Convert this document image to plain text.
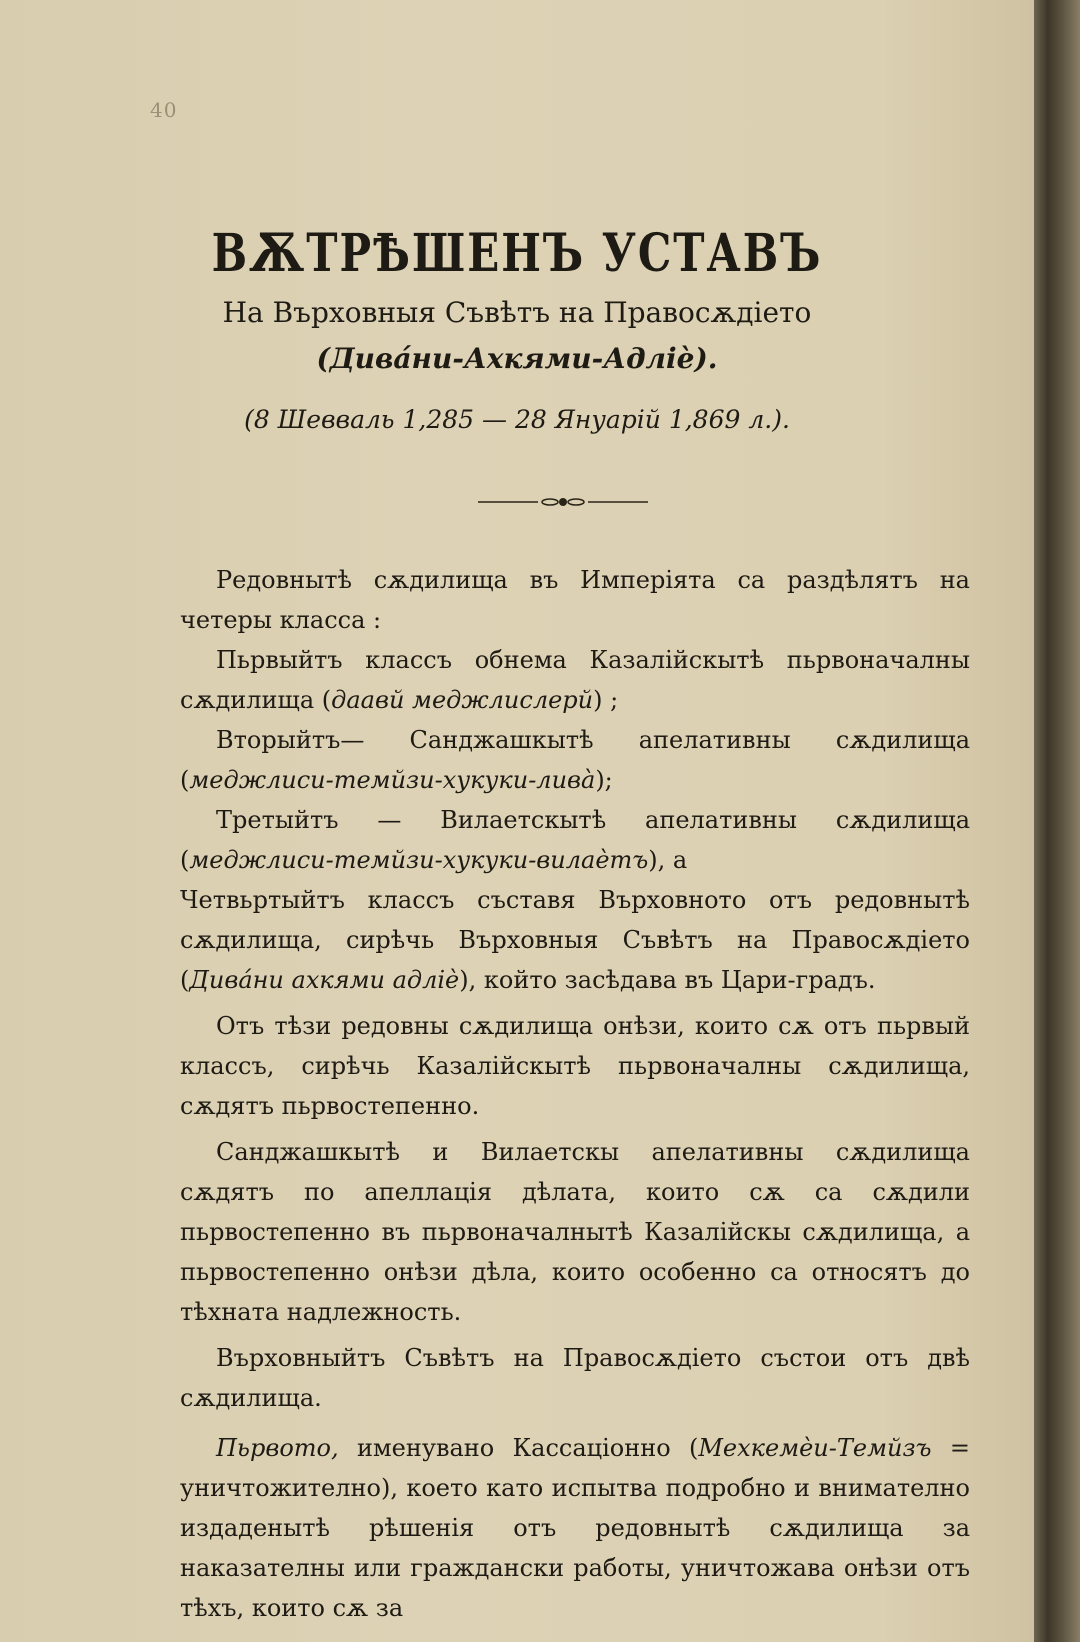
40
ВѪТРѢШЕНЪ УСТАВЪ
На Върховныя Съвѣтъ на Правосѫдіето
(Дива́ни-Ахкями-Адліѐ).
(8 Шевваль 1,285 — 28 Януарій 1,869 л.).

Редовнытѣ сѫдилища въ Имперіята са раздѣлятъ на четеры класса :

Пьрвыйтъ классъ обнема Казалійскытѣ пьрвоначалны сѫдилища (даавй меджлислерй) ;

Вторыйтъ— Санджашкытѣ апелативны сѫдилища (меджлиси-темйзи-хукуки-лива̀);

Третыйтъ — Вилаетскытѣ апелативны сѫдилища (меджлиси-темйзи-хукуки-вилаѐтъ), а

Четвьртыйтъ классъ съставя Върховното отъ редовнытѣ сѫдилища, сирѣчь Върховныя Съвѣтъ на Правосѫдіето (Дива́ни ахкями адліѐ), който засѣдава въ Цари-градъ.

Отъ тѣзи редовны сѫдилища онѣзи, които сѫ отъ пьрвый классъ, сирѣчь Казалійскытѣ пьрвоначалны сѫдилища, сѫдятъ пьрвостепенно.

Санджашкытѣ и Вилаетскы апелативны сѫдилища сѫдятъ по апеллація дѣлата, които сѫ са сѫдили пьрвостепенно въ пьрвоначалнытѣ Казалійскы сѫдилища, а пьрвостепенно онѣзи дѣла, които особенно са относятъ до тѣхната надлежность.

Върховныйтъ Съвѣтъ на Правосѫдіето състои отъ двѣ сѫдилища.

Пьрвото, именувано Кассаціонно (Мехкемѐи-Темйзъ = уничтожително), което като испытва подробно и внимателно издаденытѣ рѣшенія отъ редовнытѣ сѫдилища за наказателны или граждански работы, уничтожава онѣзи отъ тѣхъ, които сѫ за
